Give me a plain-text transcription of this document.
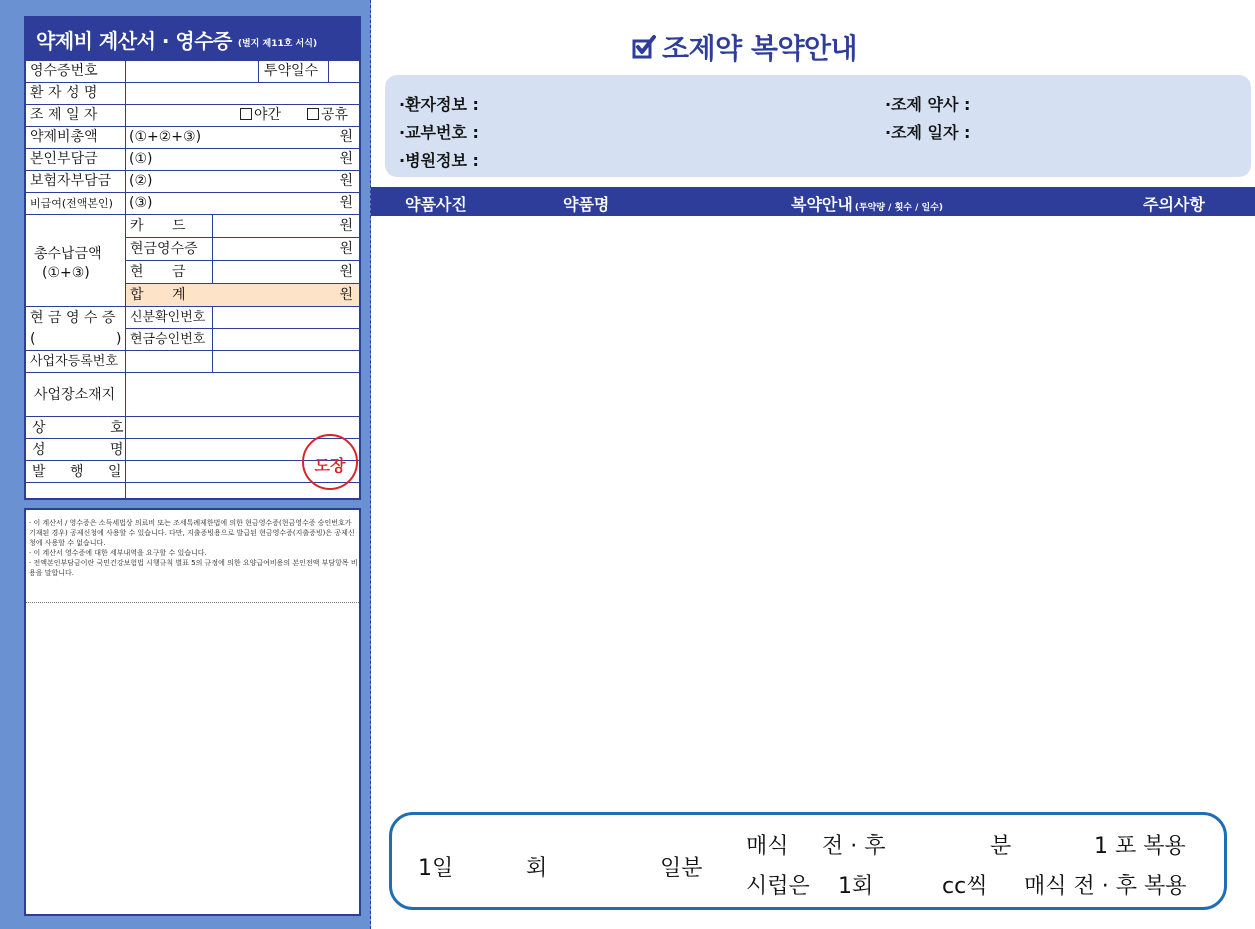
약제비 계산서 · 영수증 (별지 제11호 서식)
영수증번호	투약일수
환 자 성 명
조 제 일 자	야간	공휴
약제비총액 (①+②+③)	원
본인부담금 (①)	원
보험자부담금 (②)	원
비급여(전액본인) (③)	원
총수납금액
(①+③)
카 드	원
현금영수증	원
현 금	원
합 계	원
현 금 영 수 증
(	)
신분확인번호
현금승인번호
사업자등록번호
사업장소재지
상 호
성 명
발 행 일	도장

· 이 계산서 / 영수증은 소득세법상 의료비 또는 조세특례제한법에 의한 현금영수증(현금영수증 승인번호가 기재된 경우) 공제신청에 사용할 수 있습니다. 다만, 지출증빙용으로 발급된 현금영수증(지출증빙)은 공제신청에 사용할 수 없습니다.

· 이 계산서 영수증에 대한 세부내역을 요구할 수 있습니다.

· 전액본인부담금이란 국민건강보험법 시행규칙 별표 5의 규정에 의한 요양급여비용의 본인전액 부담항목 비용을 말합니다.

조제약 복약안내
·환자정보 :
·교부번호 :
·병원정보 :
·조제 약사 :
·조제 일자 :
약품사진	약품명	복약안내 (투약량 / 횟수 / 일수)	주의사항
1일	회	일분
매식 전 · 후	분	1 포 복용
시럽은 1회	cc씩 매식 전 · 후 복용
